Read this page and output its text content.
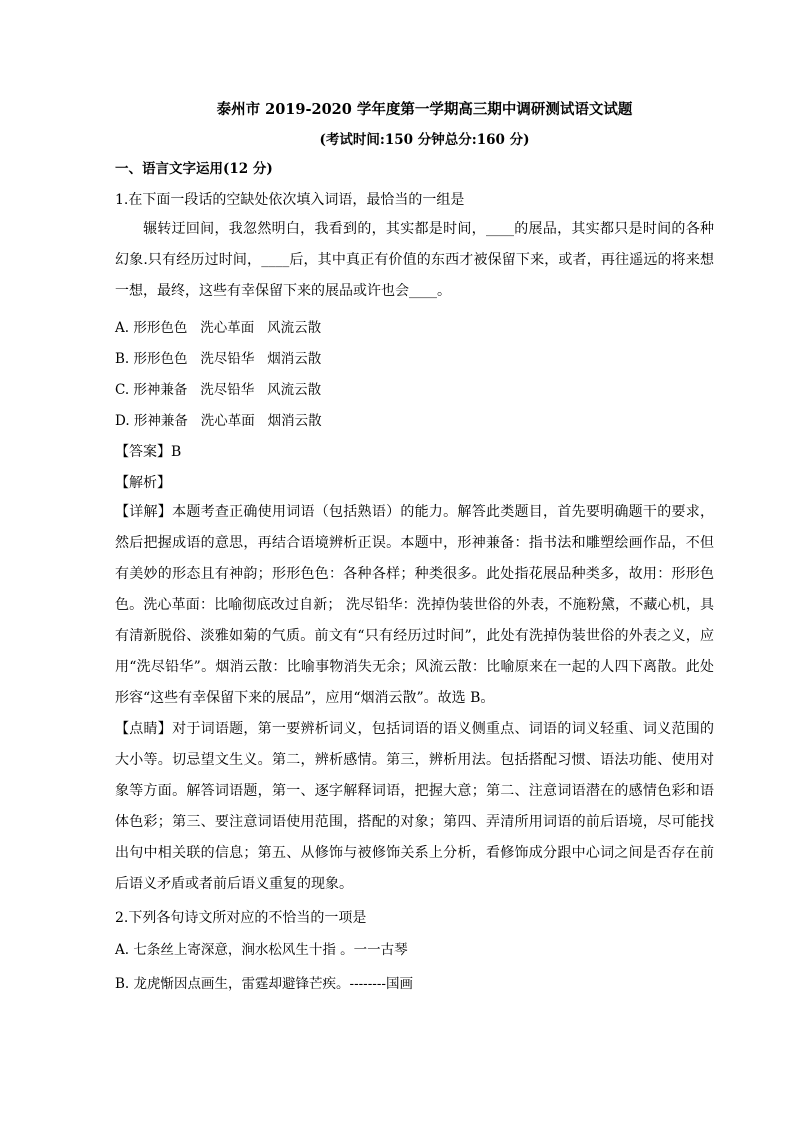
泰州市 2019-2020 学年度第一学期高三期中调研测试语文试题

(考试时间:150 分钟总分:160 分)

一、语言文字运用(12 分)

1.在下面一段话的空缺处依次填入词语，最恰当的一组是

辗转迂回间，我忽然明白，我看到的，其实都是时间，____的展品，其实都只是时间的各种幻象.只有经历过时间，____后，其中真正有价值的东西才被保留下来，或者，再往遥远的将来想一想，最终，这些有幸保留下来的展品或许也会____。

A. 形形色色   洗心革面   风流云散

B. 形形色色   洗尽铅华   烟消云散

C. 形神兼备   洗尽铅华   风流云散

D. 形神兼备   洗心革面   烟消云散

【答案】B

【解析】

【详解】本题考查正确使用词语（包括熟语）的能力。解答此类题目，首先要明确题干的要求，然后把握成语的意思，再结合语境辨析正误。本题中，形神兼备：指书法和雕塑绘画作品，不但有美妙的形态且有神韵；形形色色：各种各样；种类很多。此处指花展品种类多，故用：形形色色。洗心革面：比喻彻底改过自新； 洗尽铅华：洗掉伪装世俗的外表，不施粉黛，不藏心机，具有清新脱俗、淡雅如菊的气质。前文有“只有经历过时间”，此处有洗掉伪装世俗的外表之义，应用“洗尽铅华”。烟消云散：比喻事物消失无余；风流云散：比喻原来在一起的人四下离散。此处形容“这些有幸保留下来的展品”，应用“烟消云散”。故选 B。

【点睛】对于词语题，第一要辨析词义，包括词语的语义侧重点、词语的词义轻重、词义范围的大小等。切忌望文生义。第二，辨析感情。第三，辨析用法。包括搭配习惯、语法功能、使用对象等方面。解答词语题，第一、逐字解释词语，把握大意；第二、注意词语潜在的感情色彩和语体色彩；第三、要注意词语使用范围，搭配的对象；第四、弄清所用词语的前后语境，尽可能找出句中相关联的信息；第五、从修饰与被修饰关系上分析，看修饰成分跟中心词之间是否存在前后语义矛盾或者前后语义重复的现象。

2.下列各句诗文所对应的不恰当的一项是

A. 七条丝上寄深意，涧水松风生十指 。一一古琴

B. 龙虎惭因点画生，雷霆却避锋芒疾。--------国画
